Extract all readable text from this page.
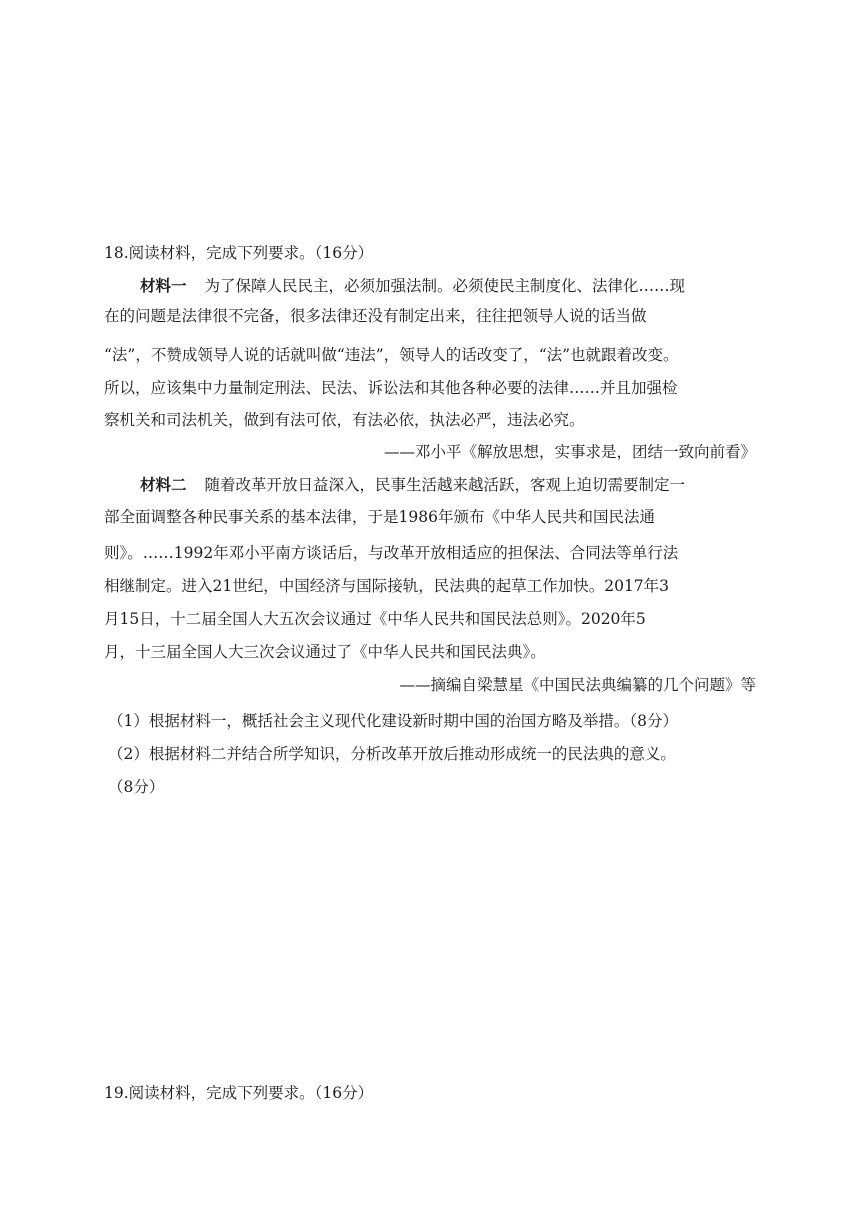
18.阅读材料，完成下列要求。（16分）
材料一 为了保障人民民主，必须加强法制。必须使民主制度化、法律化……现
在的问题是法律很不完备，很多法律还没有制定出来，往往把领导人说的话当做
“法”，不赞成领导人说的话就叫做“违法”，领导人的话改变了，“法”也就跟着改变。
所以，应该集中力量制定刑法、民法、诉讼法和其他各种必要的法律……并且加强检
察机关和司法机关，做到有法可依，有法必依，执法必严，违法必究。
——邓小平《解放思想，实事求是，团结一致向前看》
材料二 随着改革开放日益深入，民事生活越来越活跃，客观上迫切需要制定一
部全面调整各种民事关系的基本法律，于是1986年颁布《中华人民共和国民法通
则》。……1992年邓小平南方谈话后，与改革开放相适应的担保法、合同法等单行法
相继制定。进入21世纪，中国经济与国际接轨，民法典的起草工作加快。2017年3
月15日，十二届全国人大五次会议通过《中华人民共和国民法总则》。2020年5
月，十三届全国人大三次会议通过了《中华人民共和国民法典》。
——摘编自梁慧星《中国民法典编纂的几个问题》等
（1）根据材料一，概括社会主义现代化建设新时期中国的治国方略及举措。（8分）
（2）根据材料二并结合所学知识，分析改革开放后推动形成统一的民法典的意义。
（8分）
19.阅读材料，完成下列要求。（16分）
